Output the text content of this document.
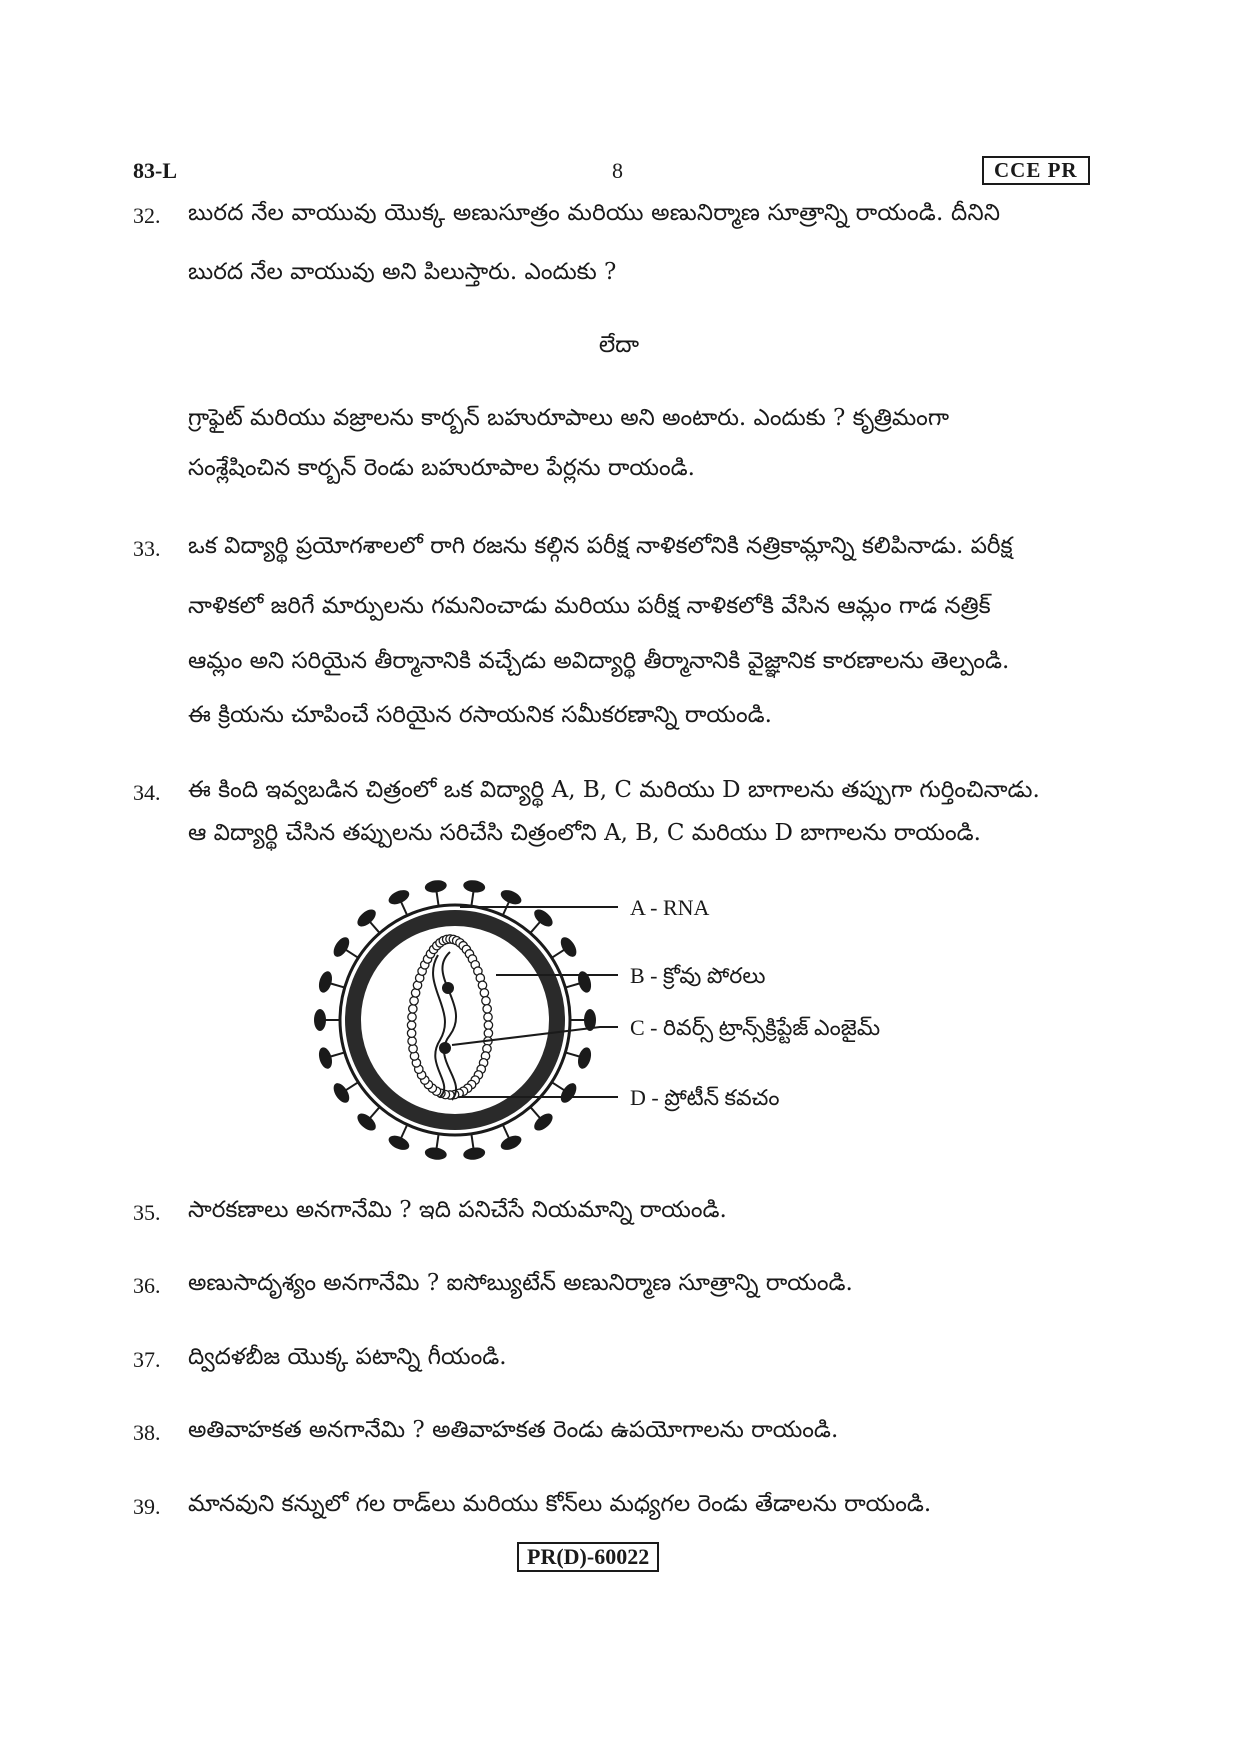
83-L	8	CCE PR
32. బురద నేల వాయువు యొక్క అణుసూత్రం మరియు అణునిర్మాణ సూత్రాన్ని రాయండి. దీనిని
బురద నేల వాయువు అని పిలుస్తారు. ఎందుకు ?
లేదా
గ్రాఫైట్ మరియు వజ్రాలను కార్బన్ బహురూపాలు అని అంటారు. ఎందుకు ? కృత్రిమంగా
సంశ్లేషించిన కార్బన్ రెండు బహురూపాల పేర్లను రాయండి.
33. ఒక విద్యార్థి ప్రయోగశాలలో రాగి రజను కల్గిన పరీక్ష నాళికలోనికి నత్రికామ్లాన్ని కలిపినాడు. పరీక్ష
నాళికలో జరిగే మార్పులను గమనించాడు మరియు పరీక్ష నాళికలోకి వేసిన ఆమ్లం గాడ నత్రిక్
ఆమ్లం అని సరియైన తీర్మానానికి వచ్చేడు అవిద్యార్థి తీర్మానానికి వైజ్ఞానిక కారణాలను తెల్పండి.
ఈ క్రియను చూపించే సరియైన రసాయనిక సమీకరణాన్ని రాయండి.
34. ఈ కింది ఇవ్వబడిన చిత్రంలో ఒక విద్యార్థి A, B, C మరియు D బాగాలను తప్పుగా గుర్తించినాడు.
ఆ విద్యార్థి చేసిన తప్పులను సరిచేసి చిత్రంలోని A, B, C మరియు D బాగాలను రాయండి.
A - RNA
B - క్రోవు పోరలు
C - రివర్స్ ట్రాన్స్‌క్రిప్టేజ్ ఎంజైమ్
D - ప్రోటీన్ కవచం
35. సారకణాలు అనగానేమి ? ఇది పనిచేసే నియమాన్ని రాయండి.
36. అణుసాదృశ్యం అనగానేమి ? ఐసోబ్యుటేన్ అణునిర్మాణ సూత్రాన్ని రాయండి.
37. ద్విదళబీజ యొక్క పటాన్ని గీయండి.
38. అతివాహకత అనగానేమి ? అతివాహకత రెండు ఉపయోగాలను రాయండి.
39. మానవుని కన్నులో గల రాడ్‌లు మరియు కోన్‌లు మధ్యగల రెండు తేడాలను రాయండి.
PR(D)-60022
